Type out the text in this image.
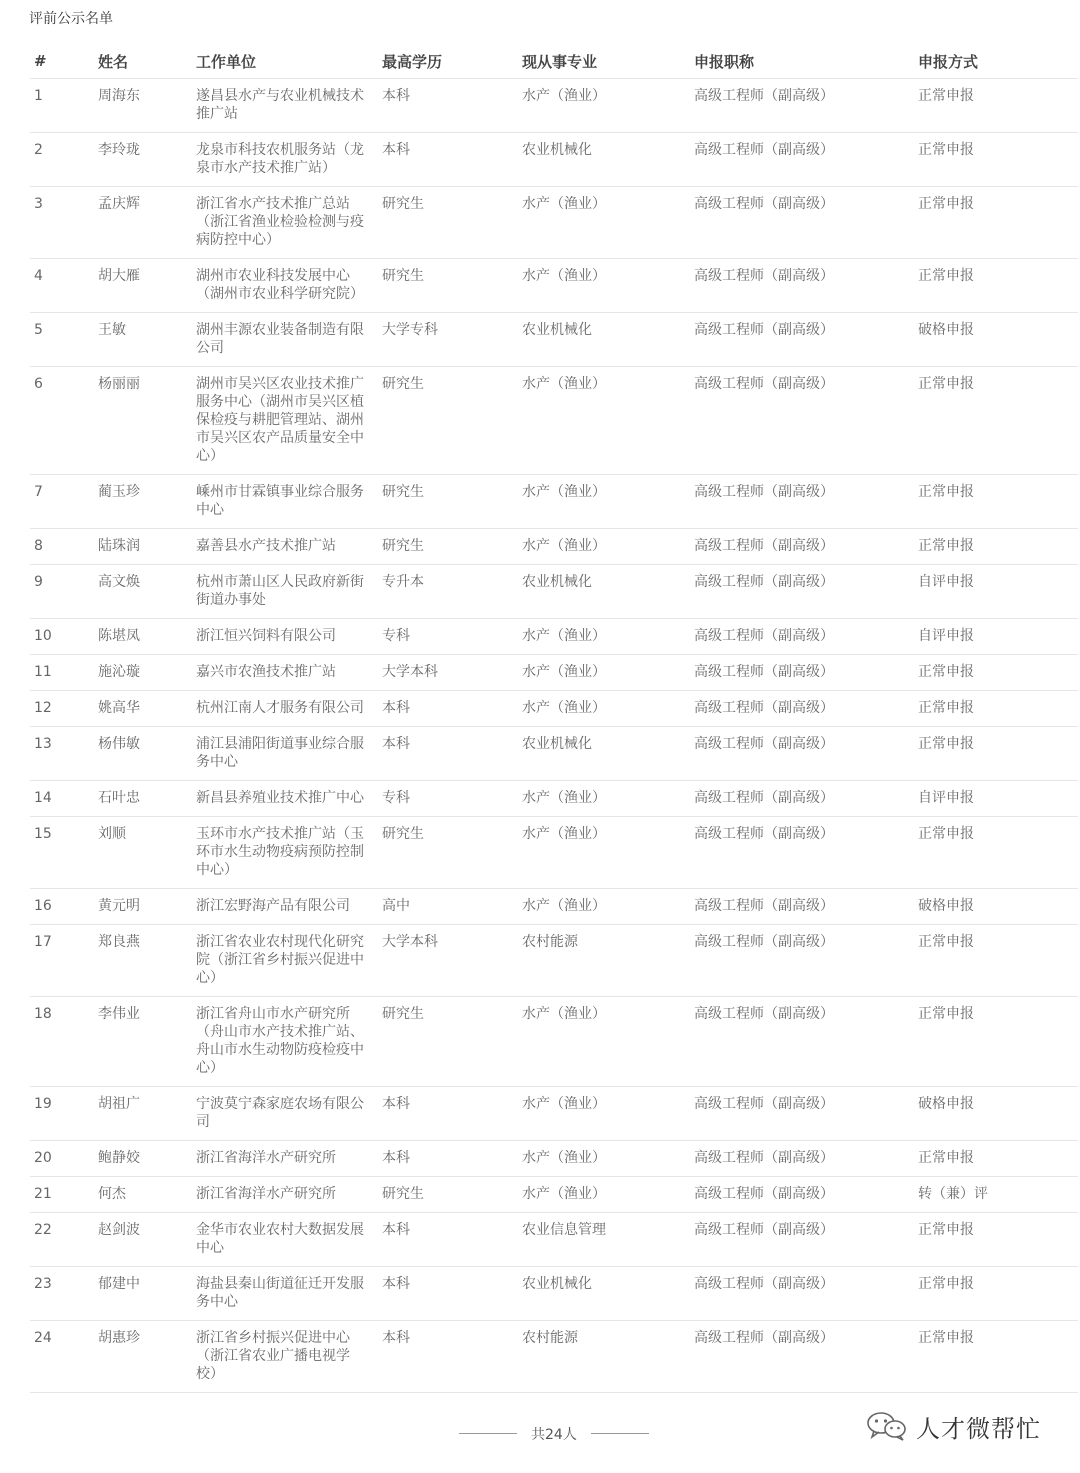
评前公示名单
#	姓名	工作单位	最高学历	现从事专业	申报职称	申报方式
1	周海东	遂昌县水产与农业机械技术推广站	本科	水产（渔业）	高级工程师（副高级）	正常申报
2	李玲珑	龙泉市科技农机服务站（龙泉市水产技术推广站）	本科	农业机械化	高级工程师（副高级）	正常申报
3	孟庆辉	浙江省水产技术推广总站（浙江省渔业检验检测与疫病防控中心）	研究生	水产（渔业）	高级工程师（副高级）	正常申报
4	胡大雁	湖州市农业科技发展中心（湖州市农业科学研究院）	研究生	水产（渔业）	高级工程师（副高级）	正常申报
5	王敏	湖州丰源农业装备制造有限公司	大学专科	农业机械化	高级工程师（副高级）	破格申报
6	杨丽丽	湖州市吴兴区农业技术推广服务中心（湖州市吴兴区植保检疫与耕肥管理站、湖州市吴兴区农产品质量安全中心）	研究生	水产（渔业）	高级工程师（副高级）	正常申报
7	蔺玉珍	嵊州市甘霖镇事业综合服务中心	研究生	水产（渔业）	高级工程师（副高级）	正常申报
8	陆珠润	嘉善县水产技术推广站	研究生	水产（渔业）	高级工程师（副高级）	正常申报
9	高文焕	杭州市萧山区人民政府新街街道办事处	专升本	农业机械化	高级工程师（副高级）	自评申报
10	陈堪凤	浙江恒兴饲料有限公司	专科	水产（渔业）	高级工程师（副高级）	自评申报
11	施沁璇	嘉兴市农渔技术推广站	大学本科	水产（渔业）	高级工程师（副高级）	正常申报
12	姚高华	杭州江南人才服务有限公司	本科	水产（渔业）	高级工程师（副高级）	正常申报
13	杨伟敏	浦江县浦阳街道事业综合服务中心	本科	农业机械化	高级工程师（副高级）	正常申报
14	石叶忠	新昌县养殖业技术推广中心	专科	水产（渔业）	高级工程师（副高级）	自评申报
15	刘顺	玉环市水产技术推广站（玉环市水生动物疫病预防控制中心）	研究生	水产（渔业）	高级工程师（副高级）	正常申报
16	黄元明	浙江宏野海产品有限公司	高中	水产（渔业）	高级工程师（副高级）	破格申报
17	郑良燕	浙江省农业农村现代化研究院（浙江省乡村振兴促进中心）	大学本科	农村能源	高级工程师（副高级）	正常申报
18	李伟业	浙江省舟山市水产研究所（舟山市水产技术推广站、舟山市水生动物防疫检疫中心）	研究生	水产（渔业）	高级工程师（副高级）	正常申报
19	胡祖广	宁波莫宁森家庭农场有限公司	本科	水产（渔业）	高级工程师（副高级）	破格申报
20	鲍静姣	浙江省海洋水产研究所	本科	水产（渔业）	高级工程师（副高级）	正常申报
21	何杰	浙江省海洋水产研究所	研究生	水产（渔业）	高级工程师（副高级）	转（兼）评
22	赵剑波	金华市农业农村大数据发展中心	本科	农业信息管理	高级工程师（副高级）	正常申报
23	郁建中	海盐县秦山街道征迁开发服务中心	本科	农业机械化	高级工程师（副高级）	正常申报
24	胡惠珍	浙江省乡村振兴促进中心（浙江省农业广播电视学校）	本科	农村能源	高级工程师（副高级）	正常申报
共24人	人才微帮忙
